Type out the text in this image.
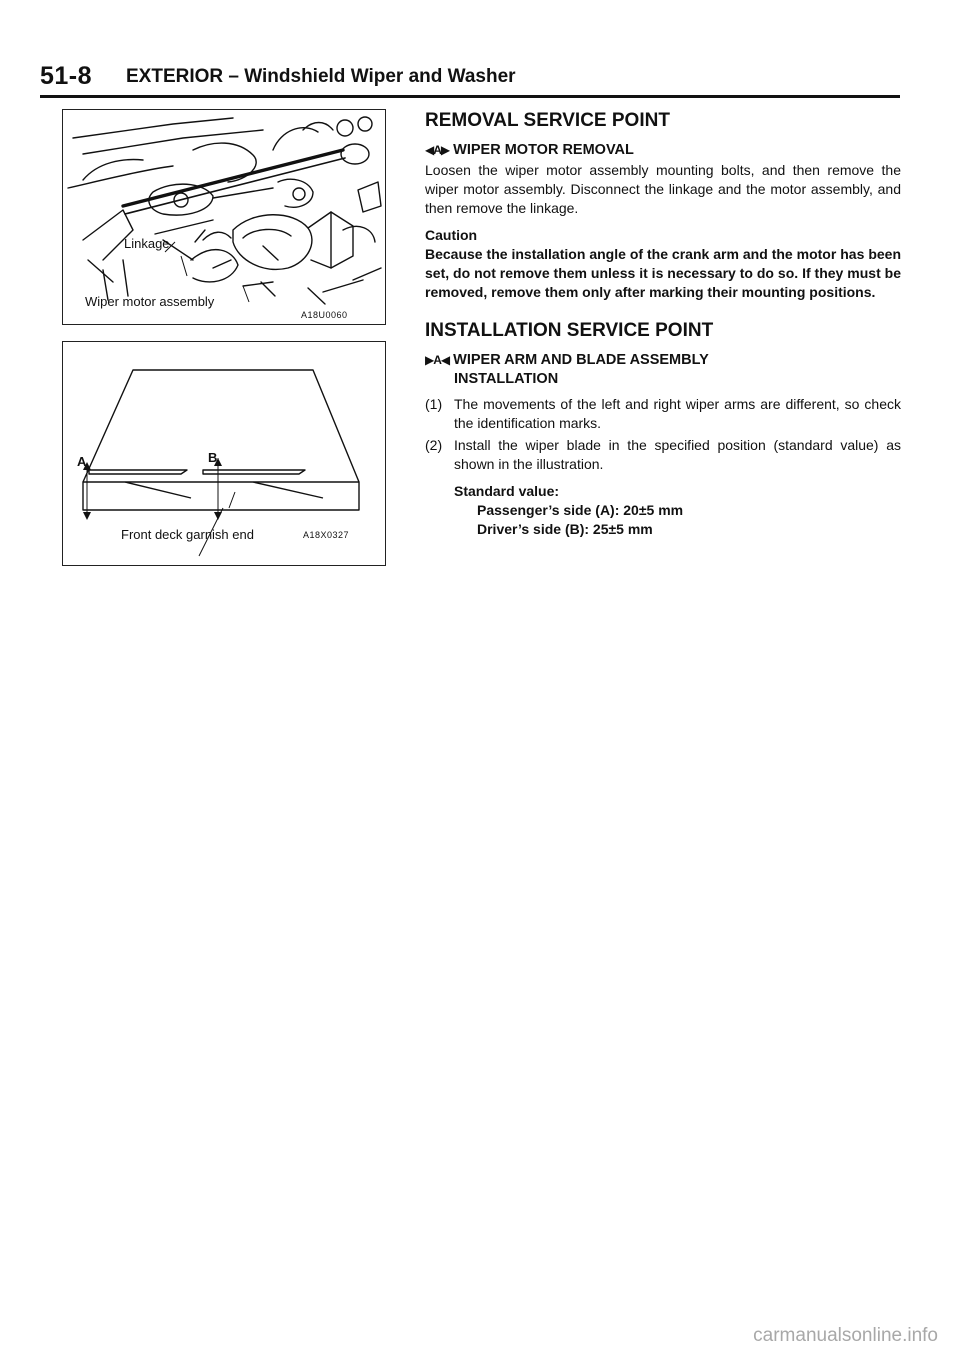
51-8 EXTERIOR – Windshield Wiper and Washer
Linkage
Wiper motor assembly
A18U0060
A	B
Front deck garnish end	A18X0327
REMOVAL SERVICE POINT
◀A▶ WIPER MOTOR REMOVAL
Loosen the wiper motor assembly mounting bolts, and then remove the wiper motor assembly. Disconnect the linkage and the motor assembly, and then remove the linkage.
Caution
Because the installation angle of the crank arm and the motor has been set, do not remove them unless it is necessary to do so. If they must be removed, remove them only after marking their mounting positions.
INSTALLATION SERVICE POINT
▶A◀ WIPER ARM AND BLADE ASSEMBLY
INSTALLATION
(1) The movements of the left and right wiper arms are different, so check the identification marks.
(2) Install the wiper blade in the specified position (standard value) as shown in the illustration.
Standard value:
Passenger’s side (A): 20±5 mm
Driver’s side (B): 25±5 mm
carmanualsonline.info
